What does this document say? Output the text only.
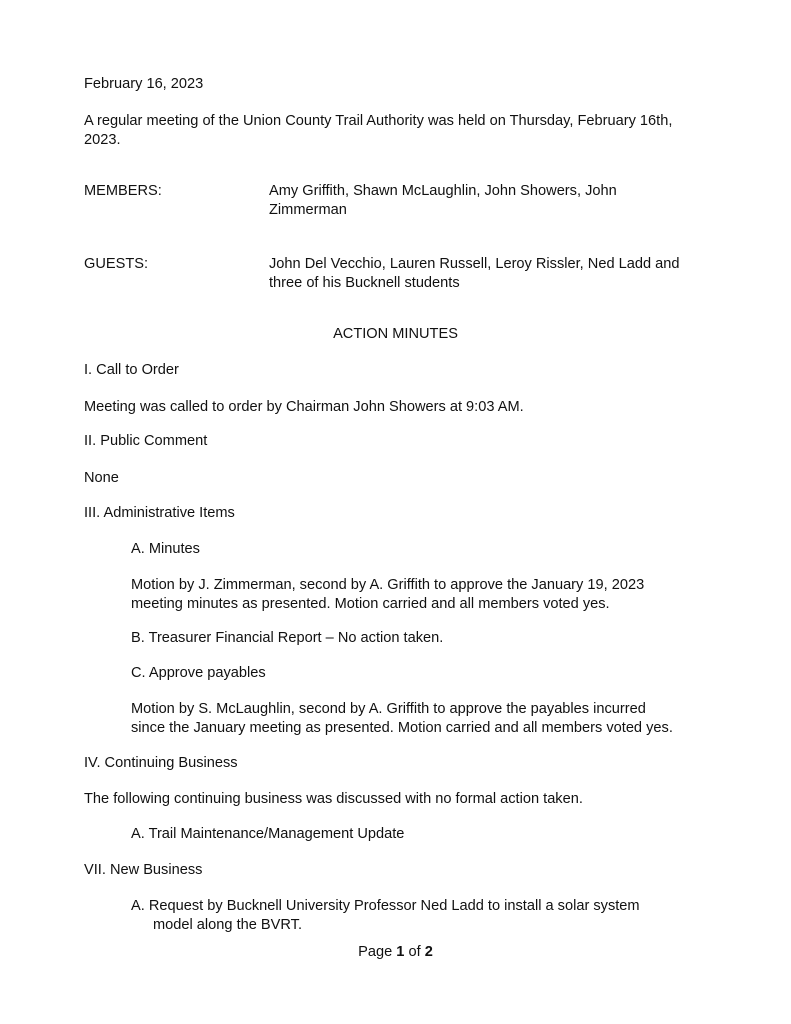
February 16, 2023
A regular meeting of the Union County Trail Authority was held on Thursday, February 16th,
2023.
MEMBERS:	Amy Griffith, Shawn McLaughlin, John Showers, John
Zimmerman
GUESTS:	John Del Vecchio, Lauren Russell, Leroy Rissler, Ned Ladd and
three of his Bucknell students
ACTION MINUTES
I. Call to Order
Meeting was called to order by Chairman John Showers at 9:03 AM.
II. Public Comment
None
III. Administrative Items
A. Minutes
Motion by J. Zimmerman, second by A. Griffith to approve the January 19, 2023
meeting minutes as presented. Motion carried and all members voted yes.
B. Treasurer Financial Report – No action taken.
C. Approve payables
Motion by S. McLaughlin, second by A. Griffith to approve the payables incurred
since the January meeting as presented. Motion carried and all members voted yes.
IV. Continuing Business
The following continuing business was discussed with no formal action taken.
A. Trail Maintenance/Management Update
VII. New Business
A. Request by Bucknell University Professor Ned Ladd to install a solar system
model along the BVRT.
Page 1 of 2
